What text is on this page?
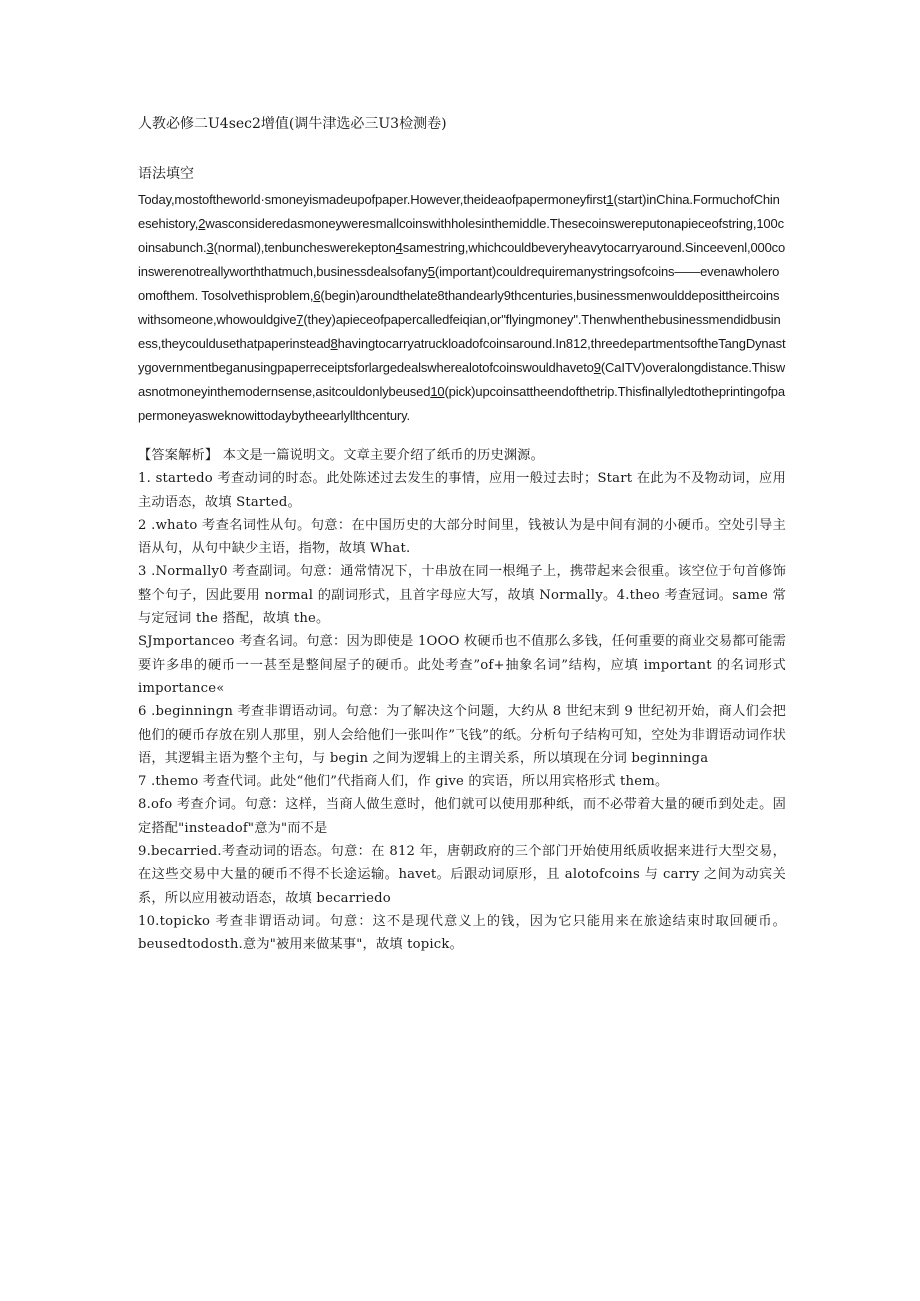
人教必修二U4sec2增值(调牛津选必三U3检测卷)

语法填空

Today,mostoftheworld·smoneyismadeupofpaper.However,theideaofpapermoneyfirst1(start)inChina.FormuchofChinesehistory,2wasconsideredasmoneyweresmallcoinswithholesinthemiddle.Thesecoinswereputonapieceofstring,100coinsabunch.3(normal),tenbuncheswerekepton4samestring,whichcouldbeveryheavytocarryaround.Sinceevenl,000coinswerenotreallyworththatmuch,businessdealsofany5(important)couldrequiremanystringsofcoins——evenawholeroomofthem. Tosolvethisproblem,6(begin)aroundthelate8thandearly9thcenturies,businessmenwoulddeposittheircoinswithsomeone,whowouldgive7(they)apieceofpapercalledfeiqian,or"flyingmoney".Thenwhenthebusinessmendidbusiness,theycouldusethatpaperinstead8havingtocarryatruckloadofcoinsaround.In812,threedepartmentsoftheTangDynastygovernmentbeganusingpaperreceiptsforlargedealswherealotofcoinswouldhaveto9(CaITV)overalongdistance.Thiswasnotmoneyinthemodernsense,asitcouldonlybeused10(pick)upcoinsattheendofthetrip.Thisfinallyledtotheprintingofpapermoneyasweknowittodaybytheearlyllthcentury.

【答案解析】 本文是一篇说明文。文章主要介绍了纸币的历史渊源。

1. startedo 考查动词的时态。此处陈述过去发生的事情，应用一般过去时；Start 在此为不及物动词，应用主动语态，故填 Started。

2 .whato 考查名词性从句。句意：在中国历史的大部分时间里，钱被认为是中间有洞的小硬币。空处引导主语从句，从句中缺少主语，指物，故填 What.

3 .Normally0 考查副词。句意：通常情况下，十串放在同一根绳子上，携带起来会很重。该空位于句首修饰整个句子，因此要用 normal 的副词形式，且首字母应大写，故填 Normally。4.theo 考查冠词。same 常与定冠词 the 搭配，故填 the。

SJmportanceo 考查名词。句意：因为即使是 1OOO 枚硬币也不值那么多钱，任何重要的商业交易都可能需要许多串的硬币一一甚至是整间屋子的硬币。此处考查”of+抽象名词”结构，应填 important 的名词形式 importance«

6 .beginningn 考查非谓语动词。句意：为了解决这个问题，大约从 8 世纪末到 9 世纪初开始，商人们会把他们的硬币存放在别人那里，别人会给他们一张叫作”飞钱”的纸。分析句子结构可知，空处为非谓语动词作状语，其逻辑主语为整个主句，与 begin 之间为逻辑上的主谓关系，所以填现在分词 beginninga

7 .themo 考查代词。此处“他们”代指商人们，作 give 的宾语，所以用宾格形式 them。

8.ofo 考查介词。句意：这样，当商人做生意时，他们就可以使用那种纸，而不必带着大量的硬币到处走。固定搭配"insteadof"意为"而不是

9.becarried.考查动词的语态。句意：在 812 年，唐朝政府的三个部门开始使用纸质收据来进行大型交易，在这些交易中大量的硬币不得不长途运输。havet。后跟动词原形，且 alotofcoins 与 carry 之间为动宾关系，所以应用被动语态，故填 becarriedo

10.topicko 考查非谓语动词。句意：这不是现代意义上的钱，因为它只能用来在旅途结束时取回硬币。beusedtodosth.意为"被用来做某事"，故填 topick。
